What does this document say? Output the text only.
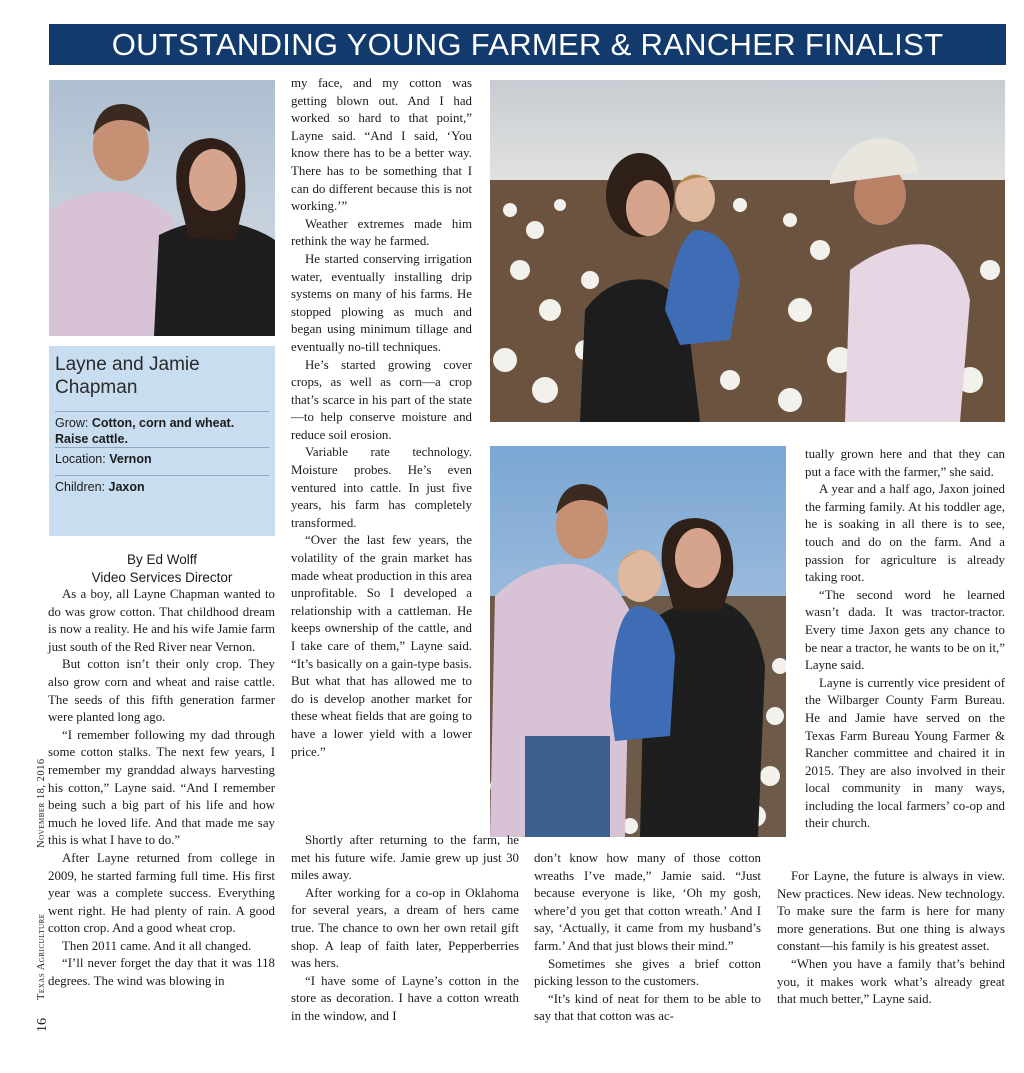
OUTSTANDING YOUNG FARMER & RANCHER FINALIST
Layne and Jamie Chapman
Grow: Cotton, corn and wheat. Raise cattle.
Location: Vernon
Children: Jaxon
By Ed Wolff
Video Services Director

As a boy, all Layne Chapman wanted to do was grow cotton. That childhood dream is now a reality. He and his wife Jamie farm just south of the Red River near Vernon.

But cotton isn’t their only crop. They also grow corn and wheat and raise cattle. The seeds of this fifth generation farmer were planted long ago.

“I remember following my dad through some cotton stalks. The next few years, I remember my granddad always harvesting his cotton,” Layne said. “And I remember being such a big part of his life and how much he loved life. And that made me say this is what I have to do.”

After Layne returned from college in 2009, he started farming full time. His first year was a complete success. Everything went right. He had plenty of rain. A good cotton crop. And a good wheat crop.

Then 2011 came. And it all changed.

“I’ll never forget the day that it was 118 degrees. The wind was blowing in

my face, and my cotton was getting blown out. And I had worked so hard to that point,” Layne said. “And I said, ‘You know there has to be a better way. There has to be something that I can do different because this is not working.’”

Weather extremes made him rethink the way he farmed.

He started conserving irrigation water, eventually installing drip systems on many of his farms. He stopped plowing as much and began using minimum tillage and eventually no-till techniques.

He’s started growing cover crops, as well as corn—a crop that’s scarce in his part of the state—to help conserve moisture and reduce soil erosion.

Variable rate technology. Moisture probes. He’s even ventured into cattle. In just five years, his farm has completely transformed.

“Over the last few years, the volatility of the grain market has made wheat production in this area unprofitable. So I developed a relationship with a cattleman. He keeps ownership of the cattle, and I take care of them,” Layne said. “It’s basically on a gain-type basis. But what that has allowed me to do is develop another market for these wheat fields that are going to have a lower yield with a lower price.”

Shortly after returning to the farm, he met his future wife. Jamie grew up just 30 miles away.

After working for a co-op in Oklahoma for several years, a dream of hers came true. The chance to own her own retail gift shop. A leap of faith later, Pepperberries was hers.

“I have some of Layne’s cotton in the store as decoration. I have a cotton wreath in the window, and I

don’t know how many of those cotton wreaths I’ve made,” Jamie said. “Just because everyone is like, ‘Oh my gosh, where’d you get that cotton wreath.’ And I say, ‘Actually, it came from my husband’s farm.’ And that just blows their mind.”

Sometimes she gives a brief cotton picking lesson to the customers.

“It’s kind of neat for them to be able to say that that cotton was ac-

tually grown here and that they can put a face with the farmer,” she said.

A year and a half ago, Jaxon joined the farming family. At his toddler age, he is soaking in all there is to see, touch and do on the farm. And a passion for agriculture is already taking root.

“The second word he learned wasn’t dada. It was tractor-tractor. Every time Jaxon gets any chance to be near a tractor, he wants to be on it,” Layne said.

Layne is currently vice president of the Wilbarger County Farm Bureau. He and Jamie have served on the Texas Farm Bureau Young Farmer & Rancher committee and chaired it in 2015. They are also involved in their local community in many ways, including the local farmers’ co-op and their church.

For Layne, the future is always in view. New practices. New ideas. New technology. To make sure the farm is here for many more generations. But one thing is always constant—his family is his greatest asset.

“When you have a family that’s behind you, it makes work what’s already great that much better,” Layne said.

November 18, 2016
Texas Agriculture
16
